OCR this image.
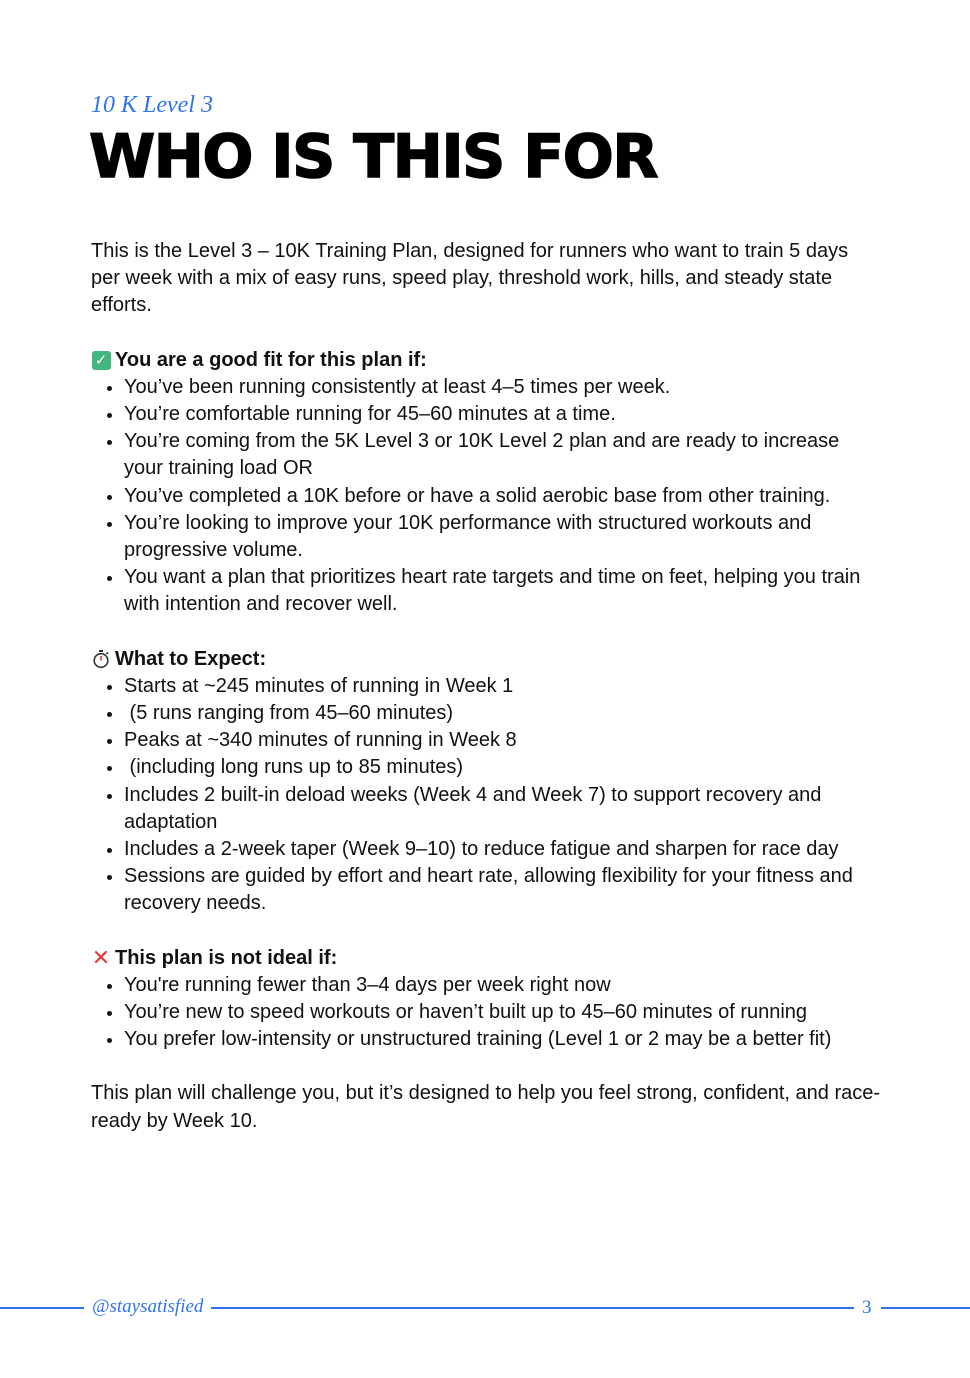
10 K Level 3
WHO IS THIS FOR

This is the Level 3 – 10K Training Plan, designed for runners who want to train 5 days per week with a mix of easy runs, speed play, threshold work, hills, and steady state efforts.

✓ You are a good fit for this plan if:

• You’ve been running consistently at least 4–5 times per week.
• You’re comfortable running for 45–60 minutes at a time.
• You’re coming from the 5K Level 3 or 10K Level 2 plan and are ready to increase your training load OR
• You’ve completed a 10K before or have a solid aerobic base from other training.
• You’re looking to improve your 10K performance with structured workouts and progressive volume.
• You want a plan that prioritizes heart rate targets and time on feet, helping you train with intention and recover well.

What to Expect:

• Starts at ~245 minutes of running in Week 1
•  (5 runs ranging from 45–60 minutes)
• Peaks at ~340 minutes of running in Week 8
•  (including long runs up to 85 minutes)
• Includes 2 built-in deload weeks (Week 4 and Week 7) to support recovery and adaptation
• Includes a 2-week taper (Week 9–10) to reduce fatigue and sharpen for race day
• Sessions are guided by effort and heart rate, allowing flexibility for your fitness and recovery needs.

✕ This plan is not ideal if:

• You're running fewer than 3–4 days per week right now
• You’re new to speed workouts or haven’t built up to 45–60 minutes of running
• You prefer low-intensity or unstructured training (Level 1 or 2 may be a better fit)

This plan will challenge you, but it’s designed to help you feel strong, confident, and race-ready by Week 10.

@staysatisfied	3
